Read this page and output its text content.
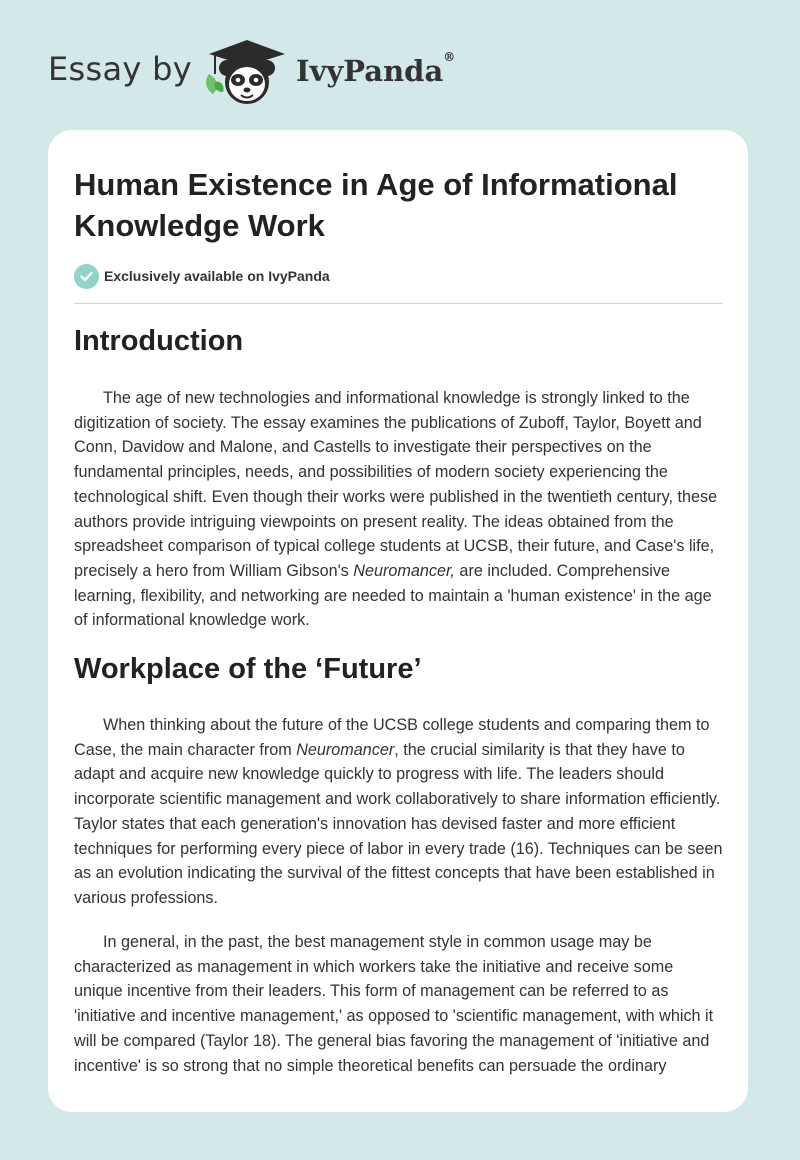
Essay by	IvyPanda®
Human Existence in Age of Informational Knowledge Work
Exclusively available on IvyPanda
Introduction

The age of new technologies and informational knowledge is strongly linked to the digitization of society. The essay examines the publications of Zuboff, Taylor, Boyett and Conn, Davidow and Malone, and Castells to investigate their perspectives on the fundamental principles, needs, and possibilities of modern society experiencing the technological shift. Even though their works were published in the twentieth century, these authors provide intriguing viewpoints on present reality. The ideas obtained from the spreadsheet comparison of typical college students at UCSB, their future, and Case's life, precisely a hero from William Gibson's Neuromancer, are included. Comprehensive learning, flexibility, and networking are needed to maintain a 'human existence' in the age of informational knowledge work.

Workplace of the ‘Future’

When thinking about the future of the UCSB college students and comparing them to Case, the main character from Neuromancer, the crucial similarity is that they have to adapt and acquire new knowledge quickly to progress with life. The leaders should incorporate scientific management and work collaboratively to share information efficiently. Taylor states that each generation's innovation has devised faster and more efficient techniques for performing every piece of labor in every trade (16). Techniques can be seen as an evolution indicating the survival of the fittest concepts that have been established in various professions.

In general, in the past, the best management style in common usage may be characterized as management in which workers take the initiative and receive some unique incentive from their leaders. This form of management can be referred to as 'initiative and incentive management,' as opposed to 'scientific management, with which it will be compared (Taylor 18). The general bias favoring the management of 'initiative and incentive' is so strong that no simple theoretical benefits can persuade the ordinary
